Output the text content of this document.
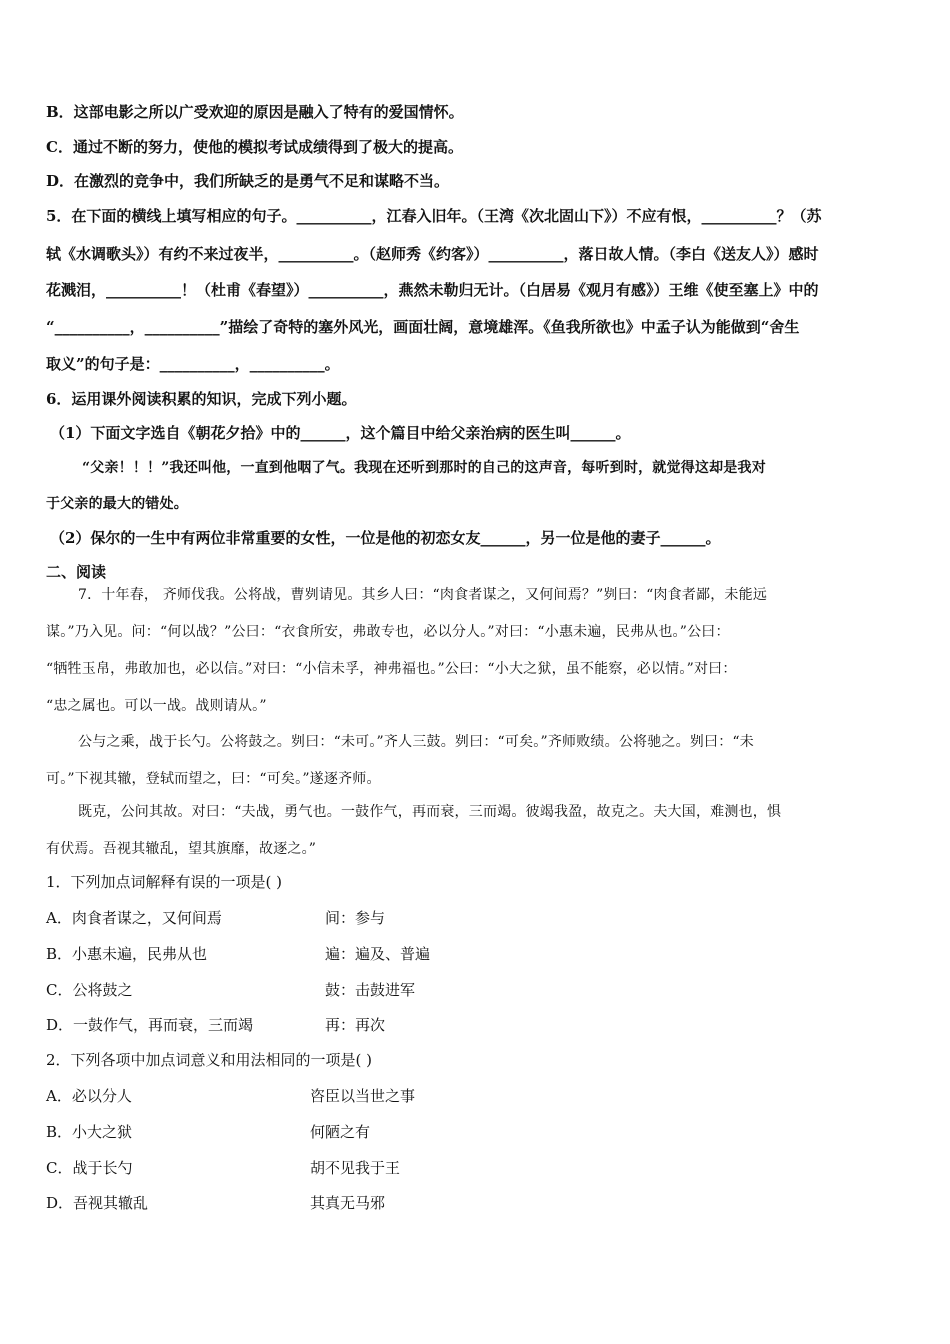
B．这部电影之所以广受欢迎的原因是融入了特有的爱国情怀。
C．通过不断的努力，使他的模拟考试成绩得到了极大的提高。
D．在激烈的竞争中，我们所缺乏的是勇气不足和谋略不当。
5．在下面的横线上填写相应的句子。__________，江春入旧年。（王湾《次北固山下》）不应有恨，__________？（苏
轼《水调歌头》）有约不来过夜半，__________。（赵师秀《约客》）__________，落日故人情。（李白《送友人》）感时
花溅泪，__________！（杜甫《春望》）__________，燕然未勒归无计。（白居易《观月有感》）王维《使至塞上》中的
“__________，__________”描绘了奇特的塞外风光，画面壮阔，意境雄浑。《鱼我所欲也》中孟子认为能做到“舍生
取义”的句子是：__________，__________。
6．运用课外阅读积累的知识，完成下列小题。
（1）下面文字选自《朝花夕拾》中的______，这个篇目中给父亲治病的医生叫______。
“父亲！！！”我还叫他，一直到他咽了气。我现在还听到那时的自己的这声音，每听到时，就觉得这却是我对
于父亲的最大的错处。
（2）保尔的一生中有两位非常重要的女性，一位是他的初恋女友______，另一位是他的妻子______。
二、阅读
7．十年春， 齐师伐我。公将战，曹刿请见。其乡人曰：“肉食者谋之，又何间焉？”刿曰：“肉食者鄙，未能远
谋。”乃入见。问：“何以战？”公曰：“衣食所安，弗敢专也，必以分人。”对曰：“小惠未遍，民弗从也。”公曰：
“牺牲玉帛，弗敢加也，必以信。”对曰：“小信未孚，神弗福也。”公曰：“小大之狱，虽不能察，必以情。”对曰：
“忠之属也。可以一战。战则请从。”
公与之乘，战于长勺。公将鼓之。刿曰：“未可。”齐人三鼓。刿曰：“可矣。”齐师败绩。公将驰之。刿曰：“未
可。”下视其辙，登轼而望之，曰：“可矣。”遂逐齐师。
既克，公问其故。对曰：“夫战，勇气也。一鼓作气，再而衰，三而竭。彼竭我盈，故克之。夫大国，难测也，惧
有伏焉。吾视其辙乱，望其旗靡，故逐之。”
1．下列加点词解释有误的一项是( )
A．肉食者谋之，又何间焉	间：参与
B．小惠未遍，民弗从也	遍：遍及、普遍
C．公将鼓之	鼓：击鼓进军
D．一鼓作气，再而衰，三而竭	再：再次
2．下列各项中加点词意义和用法相同的一项是( )
A．必以分人	咨臣以当世之事
B．小大之狱	何陋之有
C．战于长勺	胡不见我于王
D．吾视其辙乱	其真无马邪
